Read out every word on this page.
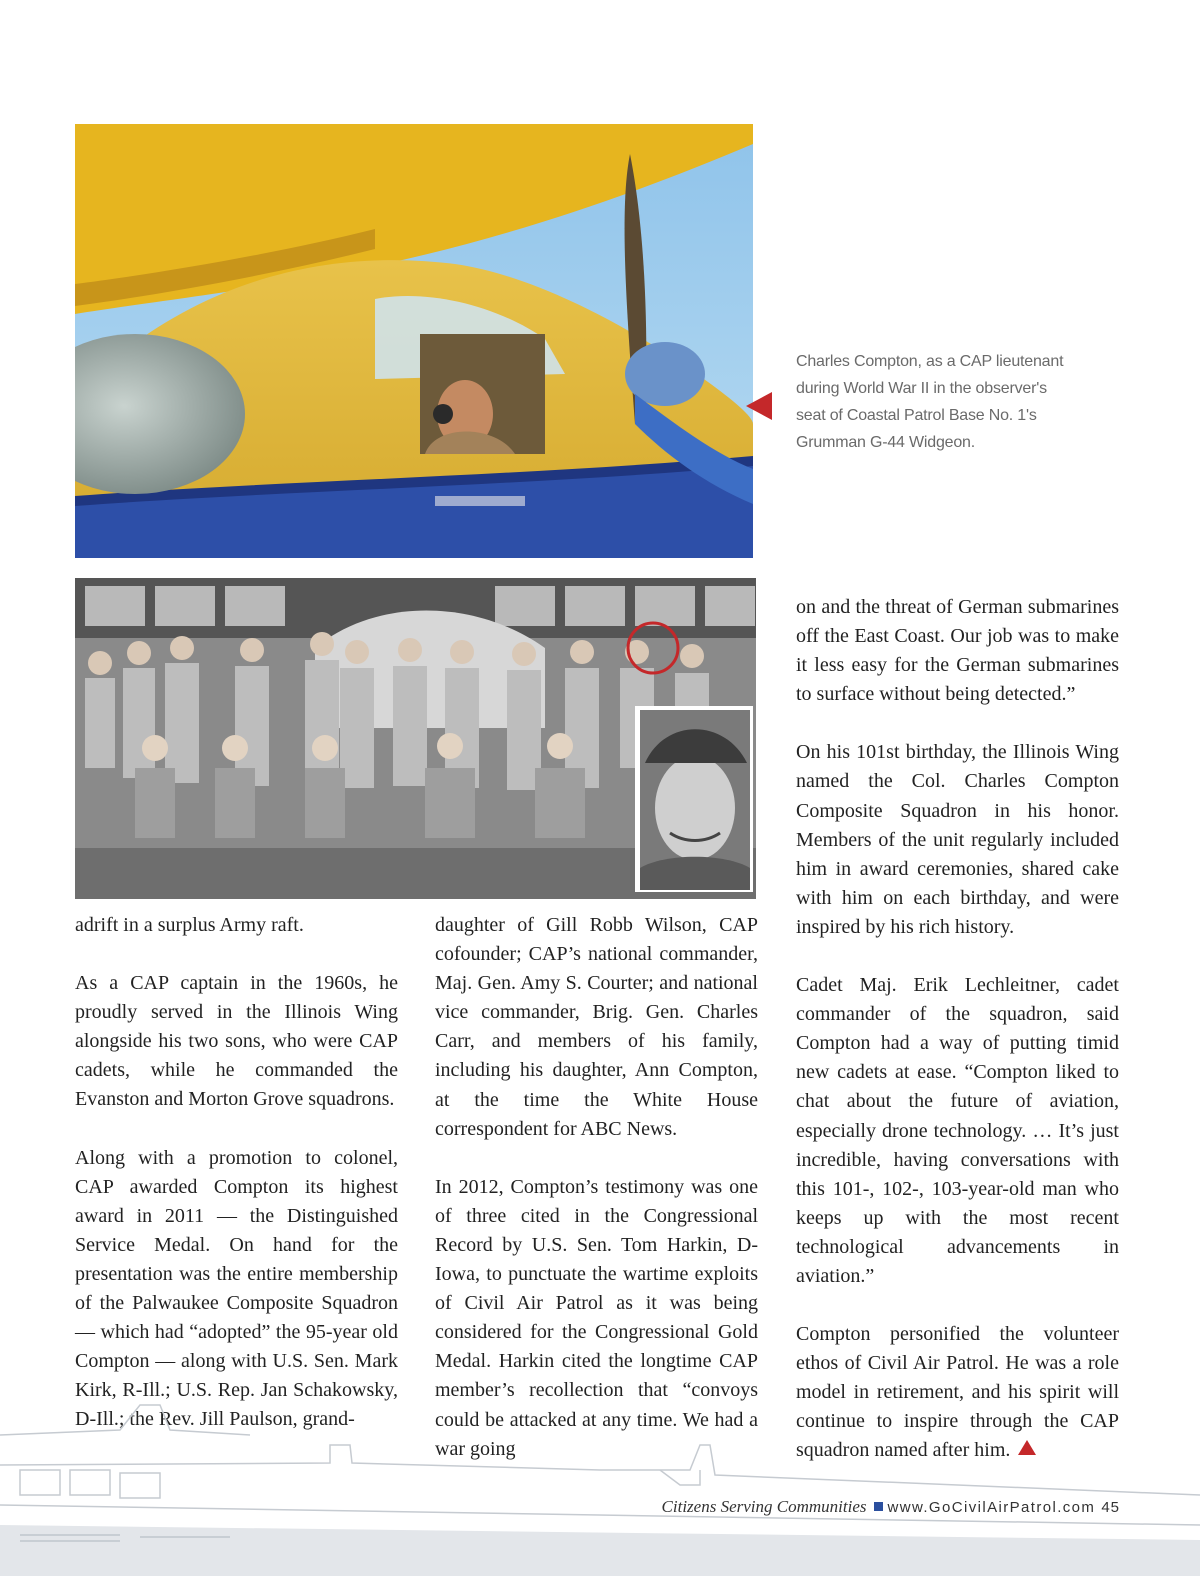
Charles Compton, as a CAP lieutenant

during World War II in the observer's

seat of Coastal Patrol Base No. 1's

Grumman G-44 Widgeon.

adrift in a surplus Army raft.

As a CAP captain in the 1960s, he proudly served in the Illinois Wing alongside his two sons, who were CAP cadets, while he commanded the Evanston and Morton Grove squadrons.

Along with a promotion to colonel, CAP awarded Compton its highest award in 2011 — the Distinguished Service Medal. On hand for the presentation was the entire membership of the Palwaukee Composite Squadron — which had “adopted” the 95-year old Compton — along with U.S. Sen. Mark Kirk, R-Ill.; U.S. Rep. Jan Schakowsky, D-Ill.; the Rev. Jill Paulson, grand-

daughter of Gill Robb Wilson, CAP cofounder; CAP’s national commander, Maj. Gen. Amy S. Courter; and national vice commander, Brig. Gen. Charles Carr, and members of his family, including his daughter, Ann Compton, at the time the White House correspondent for ABC News.

In 2012, Compton’s testimony was one of three cited in the Congressional Record by U.S. Sen. Tom Harkin, D-Iowa, to punctuate the wartime exploits of Civil Air Patrol as it was being considered for the Congressional Gold Medal. Harkin cited the longtime CAP member’s recollection that “convoys could be attacked at any time. We had a war going

on and the threat of German submarines off the East Coast. Our job was to make it less easy for the German submarines to surface without being detected.”

On his 101st birthday, the Illinois Wing named the Col. Charles Compton Composite Squadron in his honor. Members of the unit regularly included him in award ceremonies, shared cake with him on each birthday, and were inspired by his rich history.

Cadet Maj. Erik Lechleitner, cadet commander of the squadron, said Compton had a way of putting timid new cadets at ease. “Compton liked to chat about the future of aviation, especially drone technology. … It’s just incredible, having conversations with this 101-, 102-, 103-year-old man who keeps up with the most recent technological advancements in aviation.”

Compton personified the volunteer ethos of Civil Air Patrol. He was a role model in retirement, and his spirit will continue to inspire through the CAP squadron named after him.

Citizens Serving Communities www.GoCivilAirPatrol.com 45
